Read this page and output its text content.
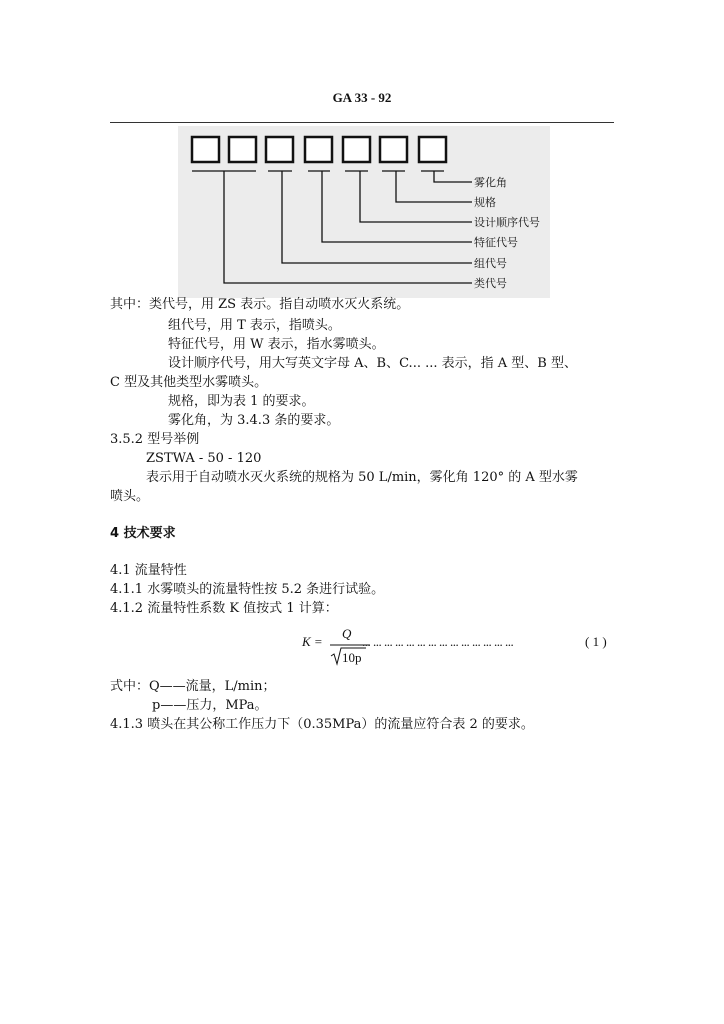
GA 33 - 92
雾化角
规格
设计顺序代号
特征代号
组代号
类代号
其中：类代号，用 ZS 表示。指自动喷水灭火系统。
组代号，用 T 表示，指喷头。
特征代号，用 W 表示，指水雾喷头。
设计顺序代号，用大写英文字母 A、B、C... ... 表示，指 A 型、B 型、
C 型及其他类型水雾喷头。
规格，即为表 1 的要求。
雾化角，为 3.4.3 条的要求。
3.5.2 型号举例
ZSTWA - 50 - 120
表示用于自动喷水灭火系统的规格为 50 L/min，雾化角 120° 的 A 型水雾
喷头。
4 技术要求
4.1 流量特性
4.1.1 水雾喷头的流量特性按 5.2 条进行试验。
4.1.2 流量特性系数 K 值按式 1 计算：
K =
Q
10p
... ... ... ... ... ... ... ... ... ... ... ... ... ...	( 1 )
式中：Q——流量，L/min；
p——压力，MPa。
4.1.3 喷头在其公称工作压力下（0.35MPa）的流量应符合表 2 的要求。
